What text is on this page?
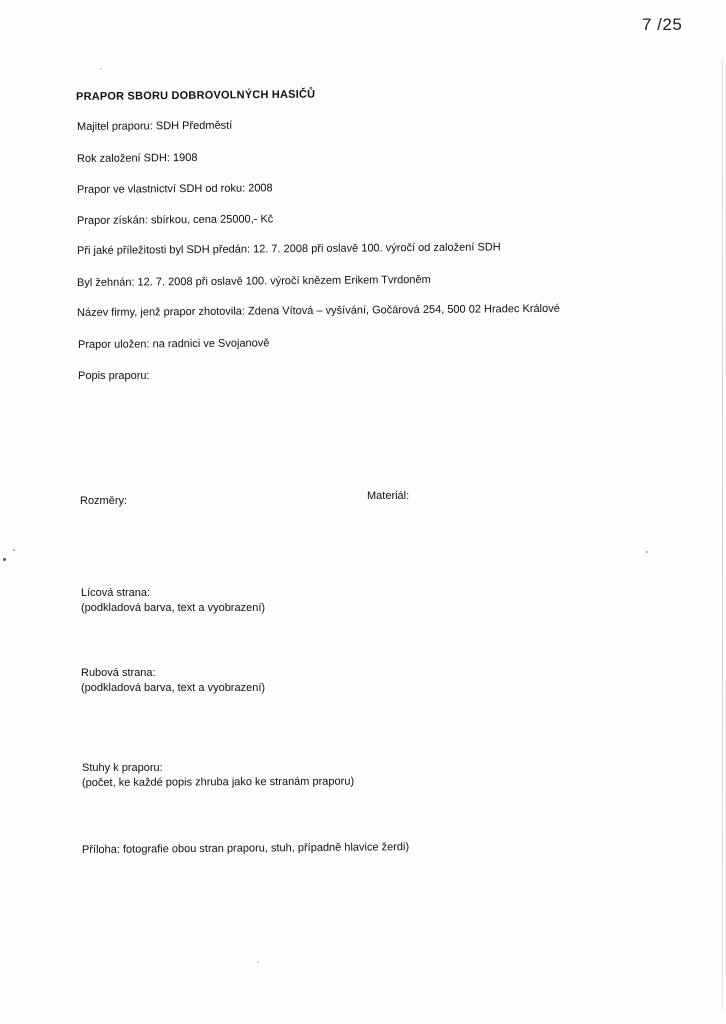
7 /25
PRAPOR SBORU DOBROVOLNÝCH HASIČŮ
Majitel praporu: SDH Předměstí
Rok založení SDH: 1908
Prapor ve vlastnictví SDH od roku: 2008
Prapor získán: sbírkou, cena 25000,- Kč
Při jaké příležitosti byl SDH předán: 12. 7. 2008 při oslavě 100. výročí od založení SDH
Byl žehnán: 12. 7. 2008 při oslavě 100. výročí knězem Erikem Tvrdoněm
Název firmy, jenž prapor zhotovila: Zdena Vítová – vyšívání, Gočárová 254, 500 02 Hradec Králové
Prapor uložen: na radnici ve Svojanově
Popis praporu:
Rozměry:	Materiál:
Lícová strana:
(podkladová barva, text a vyobrazení)
Rubová strana:
(podkladová barva, text a vyobrazení)
Stuhy k praporu:
(počet, ke každé popis zhruba jako ke stranám praporu)
Příloha: fotografie obou stran praporu, stuh, případně hlavice žerdi)
